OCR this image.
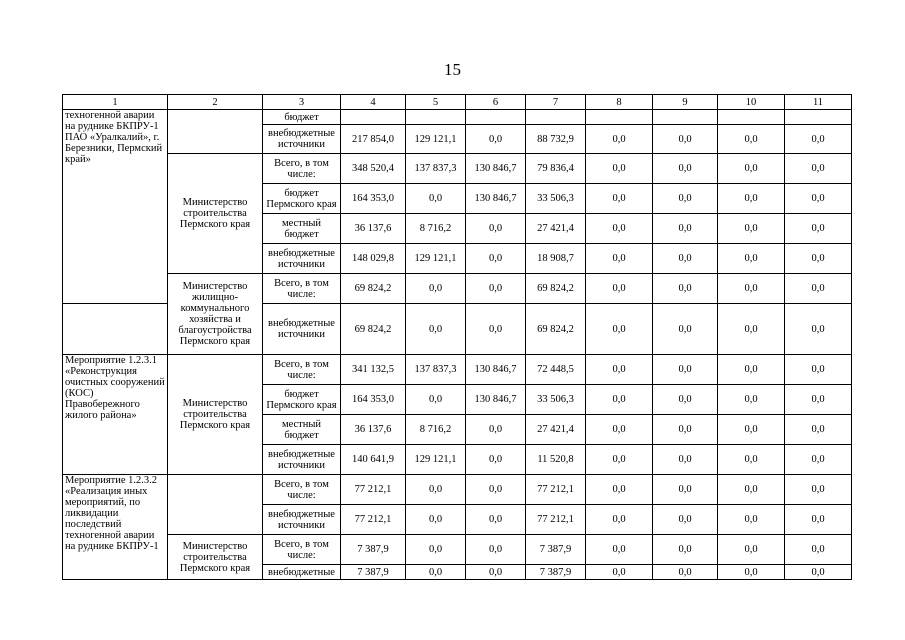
15
1	2	3	4	5	6	7	8	9	10	11
техногенной аварии на руднике БКПРУ-1 ПАО «Уралкалий», г. Березники, Пермский край»		бюджет								
		внебюджетные источники	217 854,0	129 121,1	0,0	88 732,9	0,0	0,0	0,0	0,0
	Министерство строительства Пермского края	Всего, в том числе:	348 520,4	137 837,3	130 846,7	79 836,4	0,0	0,0	0,0	0,0
		бюджет Пермского края	164 353,0	0,0	130 846,7	33 506,3	0,0	0,0	0,0	0,0
		местный бюджет	36 137,6	8 716,2	0,0	27 421,4	0,0	0,0	0,0	0,0
		внебюджетные источники	148 029,8	129 121,1	0,0	18 908,7	0,0	0,0	0,0	0,0
	Министерство жилищно-коммунального хозяйства и благоустройства Пермского края	Всего, в том числе:	69 824,2	0,0	0,0	69 824,2	0,0	0,0	0,0	0,0
		внебюджетные источники	69 824,2	0,0	0,0	69 824,2	0,0	0,0	0,0	0,0
Мероприятие 1.2.3.1 «Реконструкция очистных сооружений (КОС) Правобережного жилого района»	Министерство строительства Пермского края	Всего, в том числе:	341 132,5	137 837,3	130 846,7	72 448,5	0,0	0,0	0,0	0,0
		бюджет Пермского края	164 353,0	0,0	130 846,7	33 506,3	0,0	0,0	0,0	0,0
		местный бюджет	36 137,6	8 716,2	0,0	27 421,4	0,0	0,0	0,0	0,0
		внебюджетные источники	140 641,9	129 121,1	0,0	11 520,8	0,0	0,0	0,0	0,0
Мероприятие 1.2.3.2 «Реализация иных мероприятий, по ликвидации последствий техногенной аварии на руднике БКПРУ-1		Всего, в том числе:	77 212,1	0,0	0,0	77 212,1	0,0	0,0	0,0	0,0
		внебюджетные источники	77 212,1	0,0	0,0	77 212,1	0,0	0,0	0,0	0,0
	Министерство строительства Пермского края	Всего, в том числе:	7 387,9	0,0	0,0	7 387,9	0,0	0,0	0,0	0,0
		внебюджетные	7 387,9	0,0	0,0	7 387,9	0,0	0,0	0,0	0,0
